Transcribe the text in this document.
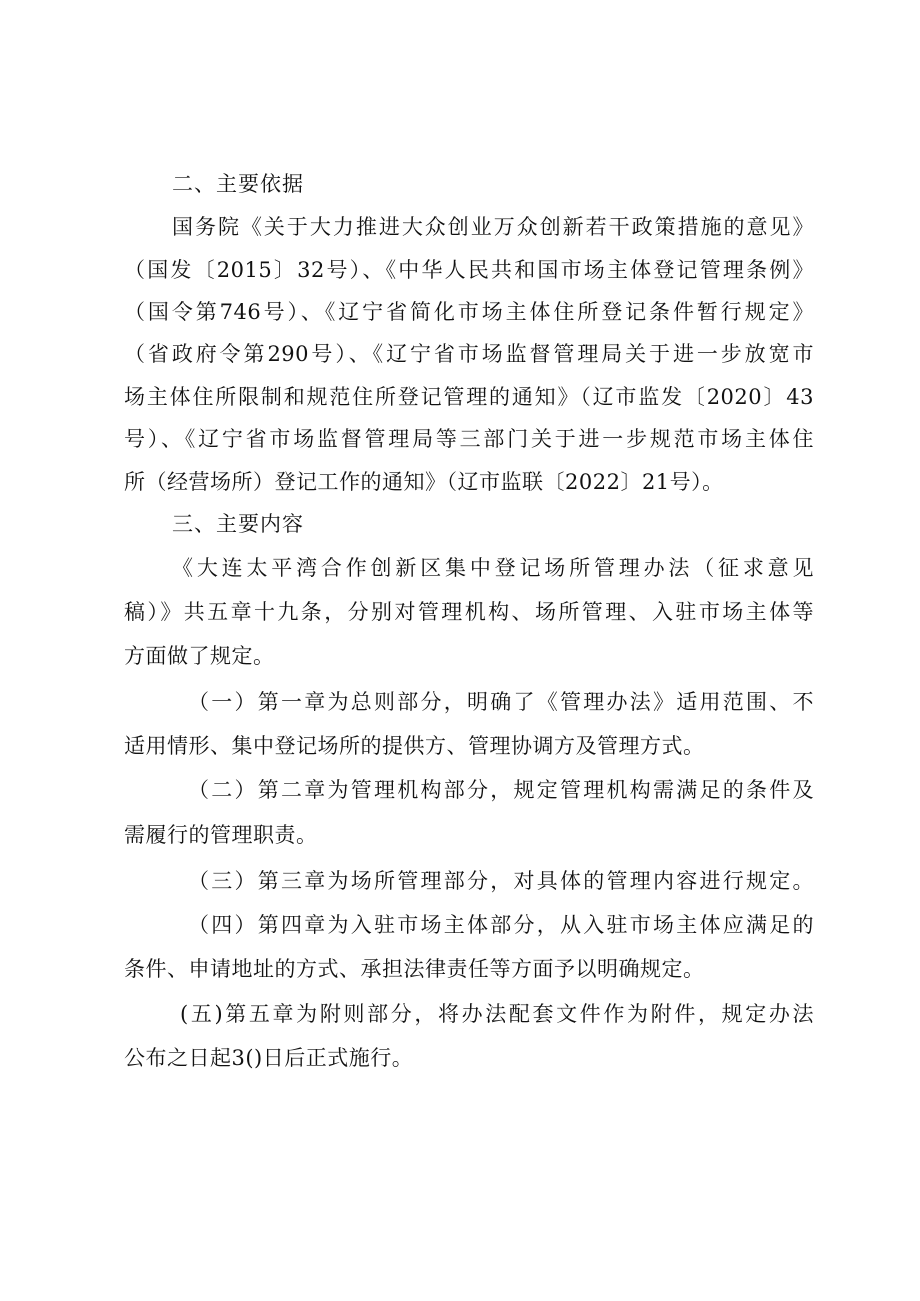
二、主要依据
国务院《关于大力推进大众创业万众创新若干政策措施的意见》
（国发〔2015〕32号）、《中华人民共和国市场主体登记管理条例》
（国令第746号）、《辽宁省简化市场主体住所登记条件暂行规定》
（省政府令第290号）、《辽宁省市场监督管理局关于进一步放宽市
场主体住所限制和规范住所登记管理的通知》（辽市监发〔2020〕43
号）、《辽宁省市场监督管理局等三部门关于进一步规范市场主体住
所（经营场所）登记工作的通知》（辽市监联〔2022〕21号）。
三、主要内容
《大连太平湾合作创新区集中登记场所管理办法（征求意见
稿）》共五章十九条，分别对管理机构、场所管理、入驻市场主体等
方面做了规定。
（一）第一章为总则部分，明确了《管理办法》适用范围、不
适用情形、集中登记场所的提供方、管理协调方及管理方式。
（二）第二章为管理机构部分，规定管理机构需满足的条件及
需履行的管理职责。
（三）第三章为场所管理部分，对具体的管理内容进行规定。
（四）第四章为入驻市场主体部分，从入驻市场主体应满足的
条件、申请地址的方式、承担法律责任等方面予以明确规定。
(五)第五章为附则部分，将办法配套文件作为附件，规定办法
公布之日起3()日后正式施行。
